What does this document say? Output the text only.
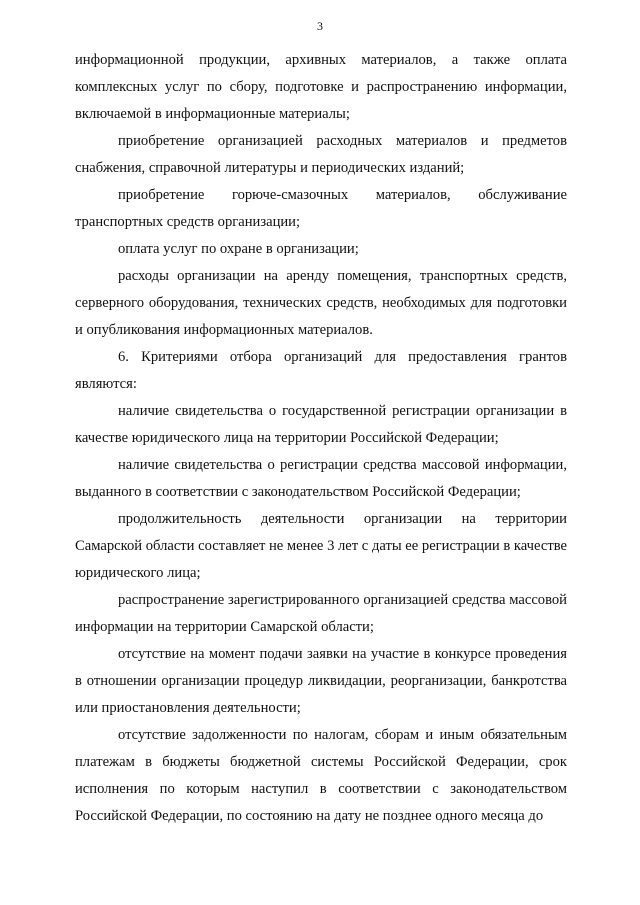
3

информационной продукции, архивных материалов, а также оплата комплексных услуг по сбору, подготовке и распространению информации, включаемой в информационные материалы;

приобретение организацией расходных материалов и предметов снабжения, справочной литературы и периодических изданий;

приобретение горюче-смазочных материалов, обслуживание транспортных средств организации;

оплата услуг по охране в организации;

расходы организации на аренду помещения, транспортных средств, серверного оборудования, технических средств, необходимых для подготовки и опубликования информационных материалов.

6. Критериями отбора организаций для предоставления грантов являются:

наличие свидетельства о государственной регистрации организации в качестве юридического лица на территории Российской Федерации;

наличие свидетельства о регистрации средства массовой информации, выданного в соответствии с законодательством Российской Федерации;

продолжительность деятельности организации на территории Самарской области составляет не менее 3 лет с даты ее регистрации в качестве юридического лица;

распространение зарегистрированного организацией средства массовой информации на территории Самарской области;

отсутствие на момент подачи заявки на участие в конкурсе проведения в отношении организации процедур ликвидации, реорганизации, банкротства или приостановления деятельности;

отсутствие задолженности по налогам, сборам и иным обязательным платежам в бюджеты бюджетной системы Российской Федерации, срок исполнения по которым наступил в соответствии с законодательством Российской Федерации, по состоянию на дату не позднее одного месяца до
